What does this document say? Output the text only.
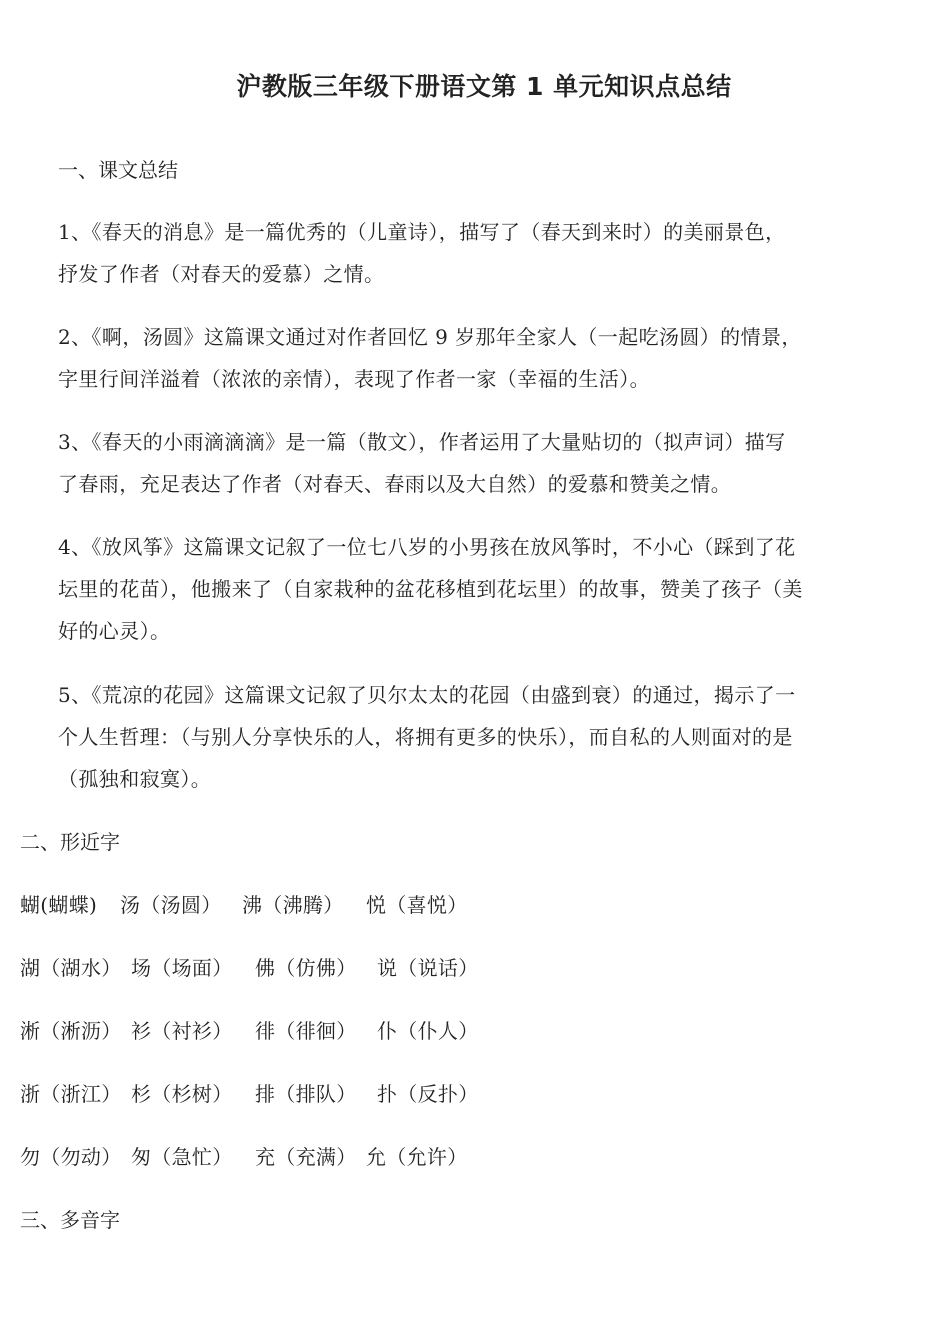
沪教版三年级下册语文第 1 单元知识点总结
一、课文总结
1、《春天的消息》是一篇优秀的（儿童诗），描写了（春天到来时）的美丽景色，
抒发了作者（对春天的爱慕）之情。
2、《啊，汤圆》这篇课文通过对作者回忆 9 岁那年全家人（一起吃汤圆）的情景，
字里行间洋溢着（浓浓的亲情），表现了作者一家（幸福的生活）。
3、《春天的小雨滴滴滴》是一篇（散文），作者运用了大量贴切的（拟声词）描写
了春雨，充足表达了作者（对春天、春雨以及大自然）的爱慕和赞美之情。
4、《放风筝》这篇课文记叙了一位七八岁的小男孩在放风筝时，不小心（踩到了花
坛里的花苗），他搬来了（自家栽种的盆花移植到花坛里）的故事，赞美了孩子（美
好的心灵）。
5、《荒凉的花园》这篇课文记叙了贝尔太太的花园（由盛到衰）的通过，揭示了一
个人生哲理：（与别人分享快乐的人，将拥有更多的快乐），而自私的人则面对的是
（孤独和寂寞）。
二、形近字
蝴(蝴蝶) 汤（汤圆） 沸（沸腾） 悦（喜悦）
湖（湖水） 场（场面） 佛（仿佛） 说（说话）
淅（淅沥） 衫（衬衫） 徘（徘徊） 仆（仆人）
浙（浙江） 杉（杉树） 排（排队） 扑（反扑）
勿（勿动） 匆（急忙） 充（充满） 允（允许）
三、多音字
